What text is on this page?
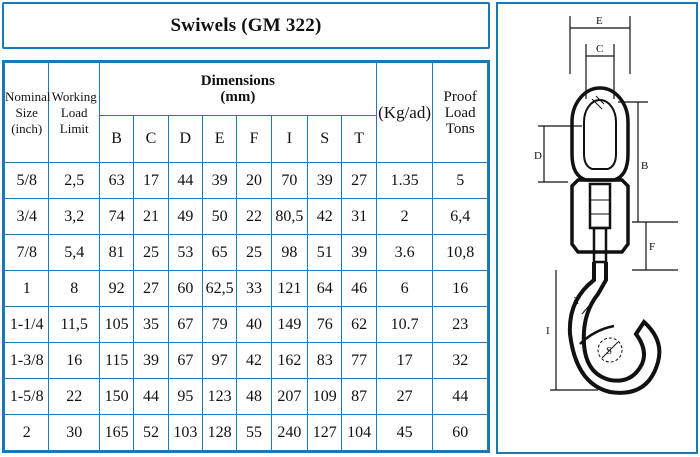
Swiwels (GM 322)
Nominal
Size
(inch)	Working
Load
Limit	Dimensions
(mm)								(Kg/ad)	Proof
Load
Tons
		B	C	D	E	F	I	S	T		
5/8	2,5	63	17	44	39	20	70	39	27	1.35	5
3/4	3,2	74	21	49	50	22	80,5	42	31	2	6,4
7/8	5,4	81	25	53	65	25	98	51	39	3.6	10,8
1	8	92	27	60	62,5	33	121	64	46	6	16
1-1/4	11,5	105	35	67	79	40	149	76	62	10.7	23
1-3/8	16	115	39	67	97	42	162	83	77	17	32
1-5/8	22	150	44	95	123	48	207	109	87	27	44
2	30	165	52	103	128	55	240	127	104	45	60
E
C
D
B
F
I
T
S
